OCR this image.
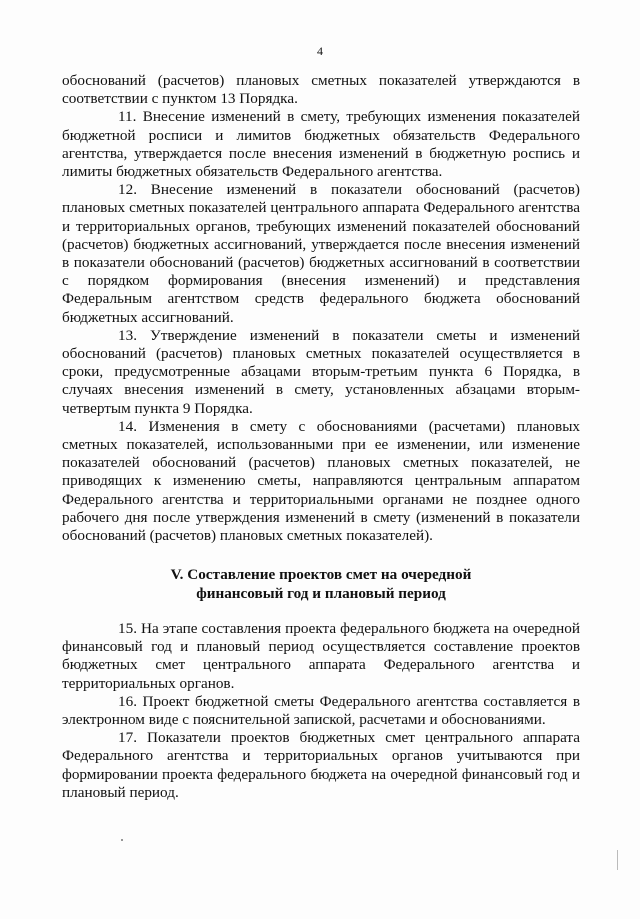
4

обоснований (расчетов) плановых сметных показателей утверждаются в соответствии с пунктом 13 Порядка.

11. Внесение изменений в смету, требующих изменения показателей бюджетной росписи и лимитов бюджетных обязательств Федерального агентства, утверждается после внесения изменений в бюджетную роспись и лимиты бюджетных обязательств Федерального агентства.

12. Внесение изменений в показатели обоснований (расчетов) плановых сметных показателей центрального аппарата Федерального агентства и территориальных органов, требующих изменений показателей обоснований (расчетов) бюджетных ассигнований, утверждается после внесения изменений в показатели обоснований (расчетов) бюджетных ассигнований в соответствии с порядком формирования (внесения изменений) и представления Федеральным агентством средств федерального бюджета обоснований бюджетных ассигнований.

13. Утверждение изменений в показатели сметы и изменений обоснований (расчетов) плановых сметных показателей осуществляется в сроки, предусмотренные абзацами вторым-третьим пункта 6 Порядка, в случаях внесения изменений в смету, установленных абзацами вторым-четвертым пункта 9 Порядка.

14. Изменения в смету с обоснованиями (расчетами) плановых сметных показателей, использованными при ее изменении, или изменение показателей обоснований (расчетов) плановых сметных показателей, не приводящих к изменению сметы, направляются центральным аппаратом Федерального агентства и территориальными органами не позднее одного рабочего дня после утверждения изменений в смету (изменений в показатели обоснований (расчетов) плановых сметных показателей).

V. Составление проектов смет на очередной
финансовый год и плановый период

15. На этапе составления проекта федерального бюджета на очередной финансовый год и плановый период осуществляется составление проектов бюджетных смет центрального аппарата Федерального агентства и территориальных органов.

16. Проект бюджетной сметы Федерального агентства составляется в электронном виде с пояснительной запиской, расчетами и обоснованиями.

17. Показатели проектов бюджетных смет центрального аппарата Федерального агентства и территориальных органов учитываются при формировании проекта федерального бюджета на очередной финансовый год и плановый период.
